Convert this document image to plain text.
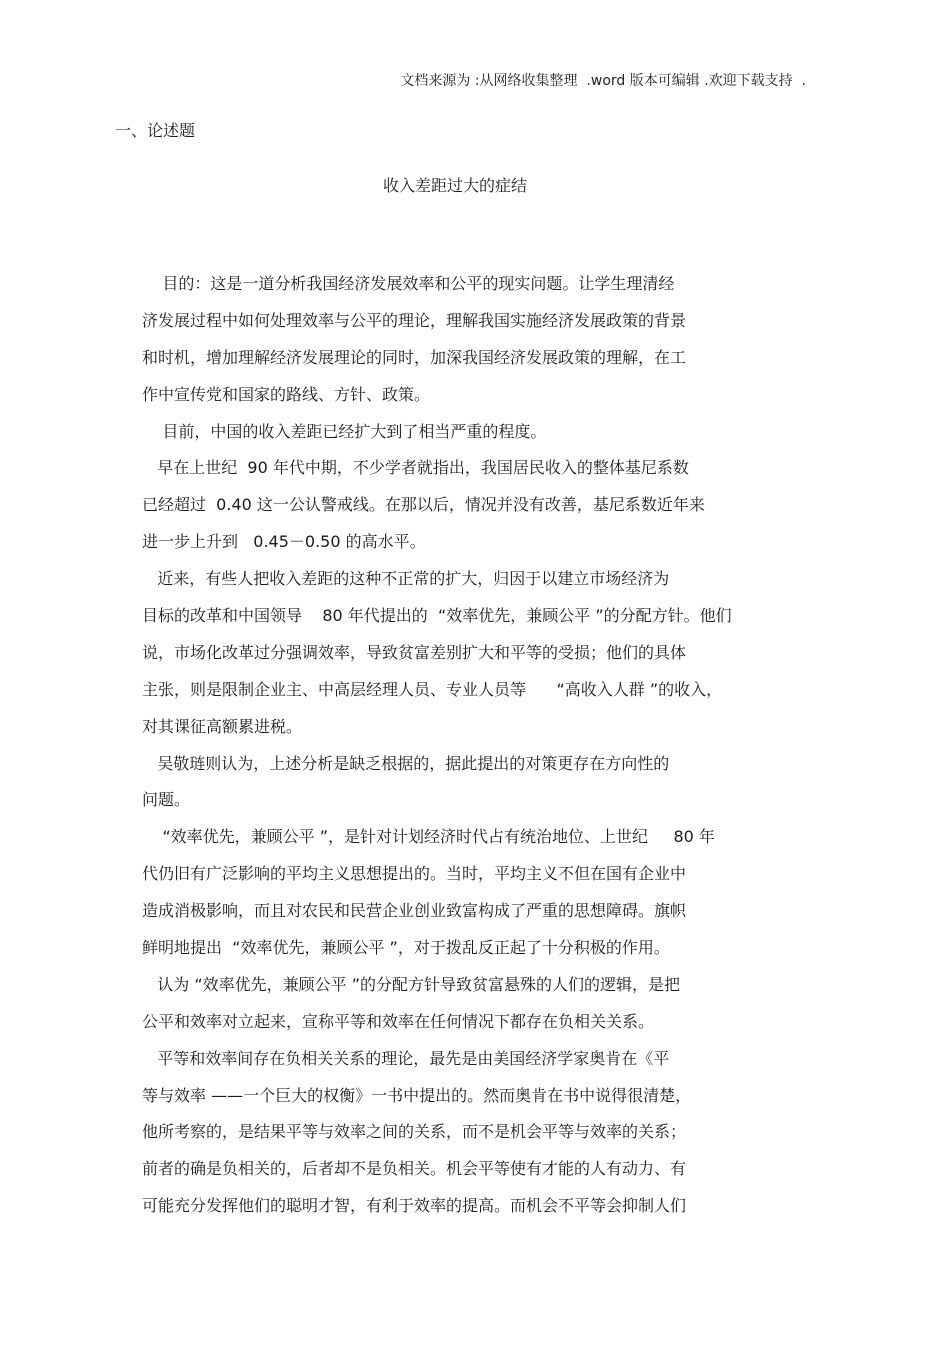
文档来源为 :从网络收集整理  .word 版本可编辑 .欢迎下载支持  .
一、论述题
收入差距过大的症结
目的：这是一道分析我国经济发展效率和公平的现实问题。让学生理清经
济发展过程中如何处理效率与公平的理论，理解我国实施经济发展政策的背景
和时机，增加理解经济发展理论的同时，加深我国经济发展政策的理解，在工
作中宣传党和国家的路线、方针、政策。
目前，中国的收入差距已经扩大到了相当严重的程度。
早在上世纪  90 年代中期，不少学者就指出，我国居民收入的整体基尼系数
已经超过  0.40 这一公认警戒线。在那以后，情况并没有改善，基尼系数近年来
进一步上升到   0.45－0.50 的高水平。
近来，有些人把收入差距的这种不正常的扩大，归因于以建立市场经济为
目标的改革和中国领导    80 年代提出的  “效率优先，兼顾公平 ”的分配方针。他们
说，市场化改革过分强调效率，导致贫富差别扩大和平等的受损；他们的具体
主张，则是限制企业主、中高层经理人员、专业人员等      “高收入人群 ”的收入，
对其课征高额累进税。
吴敬琏则认为，上述分析是缺乏根据的，据此提出的对策更存在方向性的
问题。
“效率优先，兼顾公平 ”，是针对计划经济时代占有统治地位、上世纪     80 年
代仍旧有广泛影响的平均主义思想提出的。当时，平均主义不但在国有企业中
造成消极影响，而且对农民和民营企业创业致富构成了严重的思想障碍。旗帜
鲜明地提出  “效率优先，兼顾公平 ”，对于拨乱反正起了十分积极的作用。
认为 “效率优先，兼顾公平 ”的分配方针导致贫富悬殊的人们的逻辑，是把
公平和效率对立起来，宣称平等和效率在任何情况下都存在负相关关系。
平等和效率间存在负相关关系的理论，最先是由美国经济学家奥肯在《平
等与效率 ——一个巨大的权衡》一书中提出的。然而奥肯在书中说得很清楚，
他所考察的，是结果平等与效率之间的关系，而不是机会平等与效率的关系；
前者的确是负相关的，后者却不是负相关。机会平等使有才能的人有动力、有
可能充分发挥他们的聪明才智，有利于效率的提高。而机会不平等会抑制人们
